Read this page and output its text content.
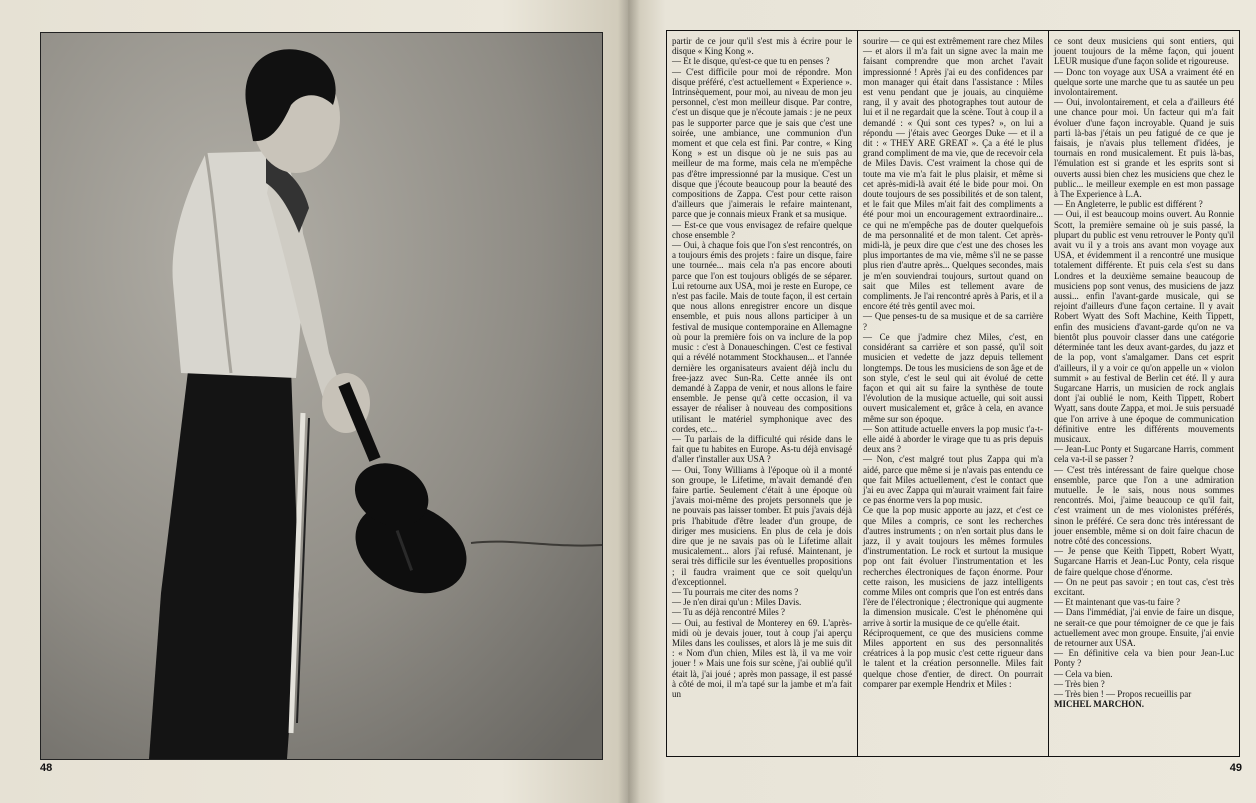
48	49

partir de ce jour qu'il s'est mis à écrire pour le disque « King Kong ».

— Et le disque, qu'est-ce que tu en penses ?

— C'est difficile pour moi de répondre. Mon disque préféré, c'est actuellement « Experience ». Intrinsèquement, pour moi, au niveau de mon jeu personnel, c'est mon meilleur disque. Par contre, c'est un disque que je n'écoute jamais : je ne peux pas le supporter parce que je sais que c'est une soirée, une ambiance, une communion d'un moment et que cela est fini. Par contre, « King Kong » est un disque où je ne suis pas au meilleur de ma forme, mais cela ne m'empêche pas d'être impressionné par la musique. C'est un disque que j'écoute beaucoup pour la beauté des compositions de Zappa. C'est pour cette raison d'ailleurs que j'aimerais le refaire maintenant, parce que je connais mieux Frank et sa musique.

— Est-ce que vous envisagez de refaire quelque chose ensemble ?

— Oui, à chaque fois que l'on s'est rencontrés, on a toujours émis des projets : faire un disque, faire une tournée... mais cela n'a pas encore abouti parce que l'on est toujours obligés de se séparer. Lui retourne aux USA, moi je reste en Europe, ce n'est pas facile. Mais de toute façon, il est certain que nous allons enregistrer encore un disque ensemble, et puis nous allons participer à un festival de musique contemporaine en Allemagne où pour la première fois on va inclure de la pop music : c'est à Donaueschingen. C'est ce festival qui a révélé notamment Stockhausen... et l'année dernière les organisateurs avaient déjà inclu du free-jazz avec Sun-Ra. Cette année ils ont demandé à Zappa de venir, et nous allons le faire ensemble. Je pense qu'à cette occasion, il va essayer de réaliser à nouveau des compositions utilisant le matériel symphonique avec des cordes, etc...

— Tu parlais de la difficulté qui réside dans le fait que tu habites en Europe. As-tu déjà envisagé d'aller t'installer aux USA ?

— Oui, Tony Williams à l'époque où il a monté son groupe, le Lifetime, m'avait demandé d'en faire partie. Seulement c'était à une époque où j'avais moi-même des projets personnels que je ne pouvais pas laisser tomber. Et puis j'avais déjà pris l'habitude d'être leader d'un groupe, de diriger mes musiciens. En plus de cela je dois dire que je ne savais pas où le Lifetime allait musicalement... alors j'ai refusé. Maintenant, je serai très difficile sur les éventuelles propositions ; il faudra vraiment que ce soit quelqu'un d'exceptionnel.

— Tu pourrais me citer des noms ?

— Je n'en dirai qu'un : Miles Davis.

— Tu as déjà rencontré Miles ?

— Oui, au festival de Monterey en 69. L'après-midi où je devais jouer, tout à coup j'ai aperçu Miles dans les coulisses, et alors là je me suis dit : « Nom d'un chien, Miles est là, il va me voir jouer ! » Mais une fois sur scène, j'ai oublié qu'il était là, j'ai joué ; après mon passage, il est passé à côté de moi, il m'a tapé sur la jambe et m'a fait un

sourire — ce qui est extrêmement rare chez Miles — et alors il m'a fait un signe avec la main me faisant comprendre que mon archet l'avait impressionné ! Après j'ai eu des confidences par mon manager qui était dans l'assistance : Miles est venu pendant que je jouais, au cinquième rang, il y avait des photographes tout autour de lui et il ne regardait que la scène. Tout à coup il a demandé : « Qui sont ces types? », on lui a répondu — j'étais avec Georges Duke — et il a dit : « THEY ARE GREAT ». Ça a été le plus grand compliment de ma vie, que de recevoir cela de Miles Davis. C'est vraiment la chose qui de toute ma vie m'a fait le plus plaisir, et même si cet après-midi-là avait été le bide pour moi. On doute toujours de ses possibilités et de son talent, et le fait que Miles m'ait fait des compliments a été pour moi un encouragement extraordinaire... ce qui ne m'empêche pas de douter quelquefois de ma personnalité et de mon talent. Cet après-midi-là, je peux dire que c'est une des choses les plus importantes de ma vie, même s'il ne se passe plus rien d'autre après... Quelques secondes, mais je m'en souviendrai toujours, surtout quand on sait que Miles est tellement avare de compliments. Je l'ai rencontré après à Paris, et il a encore été très gentil avec moi.

— Que penses-tu de sa musique et de sa carrière ?

— Ce que j'admire chez Miles, c'est, en considérant sa carrière et son passé, qu'il soit musicien et vedette de jazz depuis tellement longtemps. De tous les musiciens de son âge et de son style, c'est le seul qui ait évolué de cette façon et qui ait su faire la synthèse de toute l'évolution de la musique actuelle, qui soit aussi ouvert musicalement et, grâce à cela, en avance même sur son époque.

— Son attitude actuelle envers la pop music t'a-t-elle aidé à aborder le virage que tu as pris depuis deux ans ?

— Non, c'est malgré tout plus Zappa qui m'a aidé, parce que même si je n'avais pas entendu ce que fait Miles actuellement, c'est le contact que j'ai eu avec Zappa qui m'aurait vraiment fait faire ce pas énorme vers la pop music.

Ce que la pop music apporte au jazz, et c'est ce que Miles a compris, ce sont les recherches d'autres instruments ; on n'en sortait plus dans le jazz, il y avait toujours les mêmes formules d'instrumentation. Le rock et surtout la musique pop ont fait évoluer l'instrumentation et les recherches électroniques de façon énorme. Pour cette raison, les musiciens de jazz intelligents comme Miles ont compris que l'on est entrés dans l'ère de l'électronique ; électronique qui augmente la dimension musicale. C'est le phénomène qui arrive à sortir la musique de ce qu'elle était.

Réciproquement, ce que des musiciens comme Miles apportent en sus des personnalités créatrices à la pop music c'est cette rigueur dans le talent et la création personnelle. Miles fait quelque chose d'entier, de direct. On pourrait comparer par exemple Hendrix et Miles :

ce sont deux musiciens qui sont entiers, qui jouent toujours de la même façon, qui jouent LEUR musique d'une façon solide et rigoureuse.

— Donc ton voyage aux USA a vraiment été en quelque sorte une marche que tu as sautée un peu involontairement.

— Oui, involontairement, et cela a d'ailleurs été une chance pour moi. Un facteur qui m'a fait évoluer d'une façon incroyable. Quand je suis parti là-bas j'étais un peu fatigué de ce que je faisais, je n'avais plus tellement d'idées, je tournais en rond musicalement. Et puis là-bas, l'émulation est si grande et les esprits sont si ouverts aussi bien chez les musiciens que chez le public... le meilleur exemple en est mon passage à The Experience à L.A.

— En Angleterre, le public est différent ?

— Oui, il est beaucoup moins ouvert. Au Ronnie Scott, la première semaine où je suis passé, la plupart du public est venu retrouver le Ponty qu'il avait vu il y a trois ans avant mon voyage aux USA, et évidemment il a rencontré une musique totalement différente. Et puis cela s'est su dans Londres et la deuxième semaine beaucoup de musiciens pop sont venus, des musiciens de jazz aussi... enfin l'avant-garde musicale, qui se rejoint d'ailleurs d'une façon certaine. Il y avait Robert Wyatt des Soft Machine, Keith Tippett, enfin des musiciens d'avant-garde qu'on ne va bientôt plus pouvoir classer dans une catégorie déterminée tant les deux avant-gardes, du jazz et de la pop, vont s'amalgamer. Dans cet esprit d'ailleurs, il y a voir ce qu'on appelle un « violon summit » au festival de Berlin cet été. Il y aura Sugarcane Harris, un musicien de rock anglais dont j'ai oublié le nom, Keith Tippett, Robert Wyatt, sans doute Zappa, et moi. Je suis persuadé que l'on arrive à une époque de communication définitive entre les différents mouvements musicaux.

— Jean-Luc Ponty et Sugarcane Harris, comment cela va-t-il se passer ?

— C'est très intéressant de faire quelque chose ensemble, parce que l'on a une admiration mutuelle. Je le sais, nous nous sommes rencontrés. Moi, j'aime beaucoup ce qu'il fait, c'est vraiment un de mes violonistes préférés, sinon le préféré. Ce sera donc très intéressant de jouer ensemble, même si on doit faire chacun de notre côté des concessions.

— Je pense que Keith Tippett, Robert Wyatt, Sugarcane Harris et Jean-Luc Ponty, cela risque de faire quelque chose d'énorme.

— On ne peut pas savoir ; en tout cas, c'est très excitant.

— Et maintenant que vas-tu faire ?

— Dans l'immédiat, j'ai envie de faire un disque, ne serait-ce que pour témoigner de ce que je fais actuellement avec mon groupe. Ensuite, j'ai envie de retourner aux USA.

— En définitive cela va bien pour Jean-Luc Ponty ?

— Cela va bien.

— Très bien ?

— Très bien ! — Propos recueillis par

MICHEL MARCHON.
